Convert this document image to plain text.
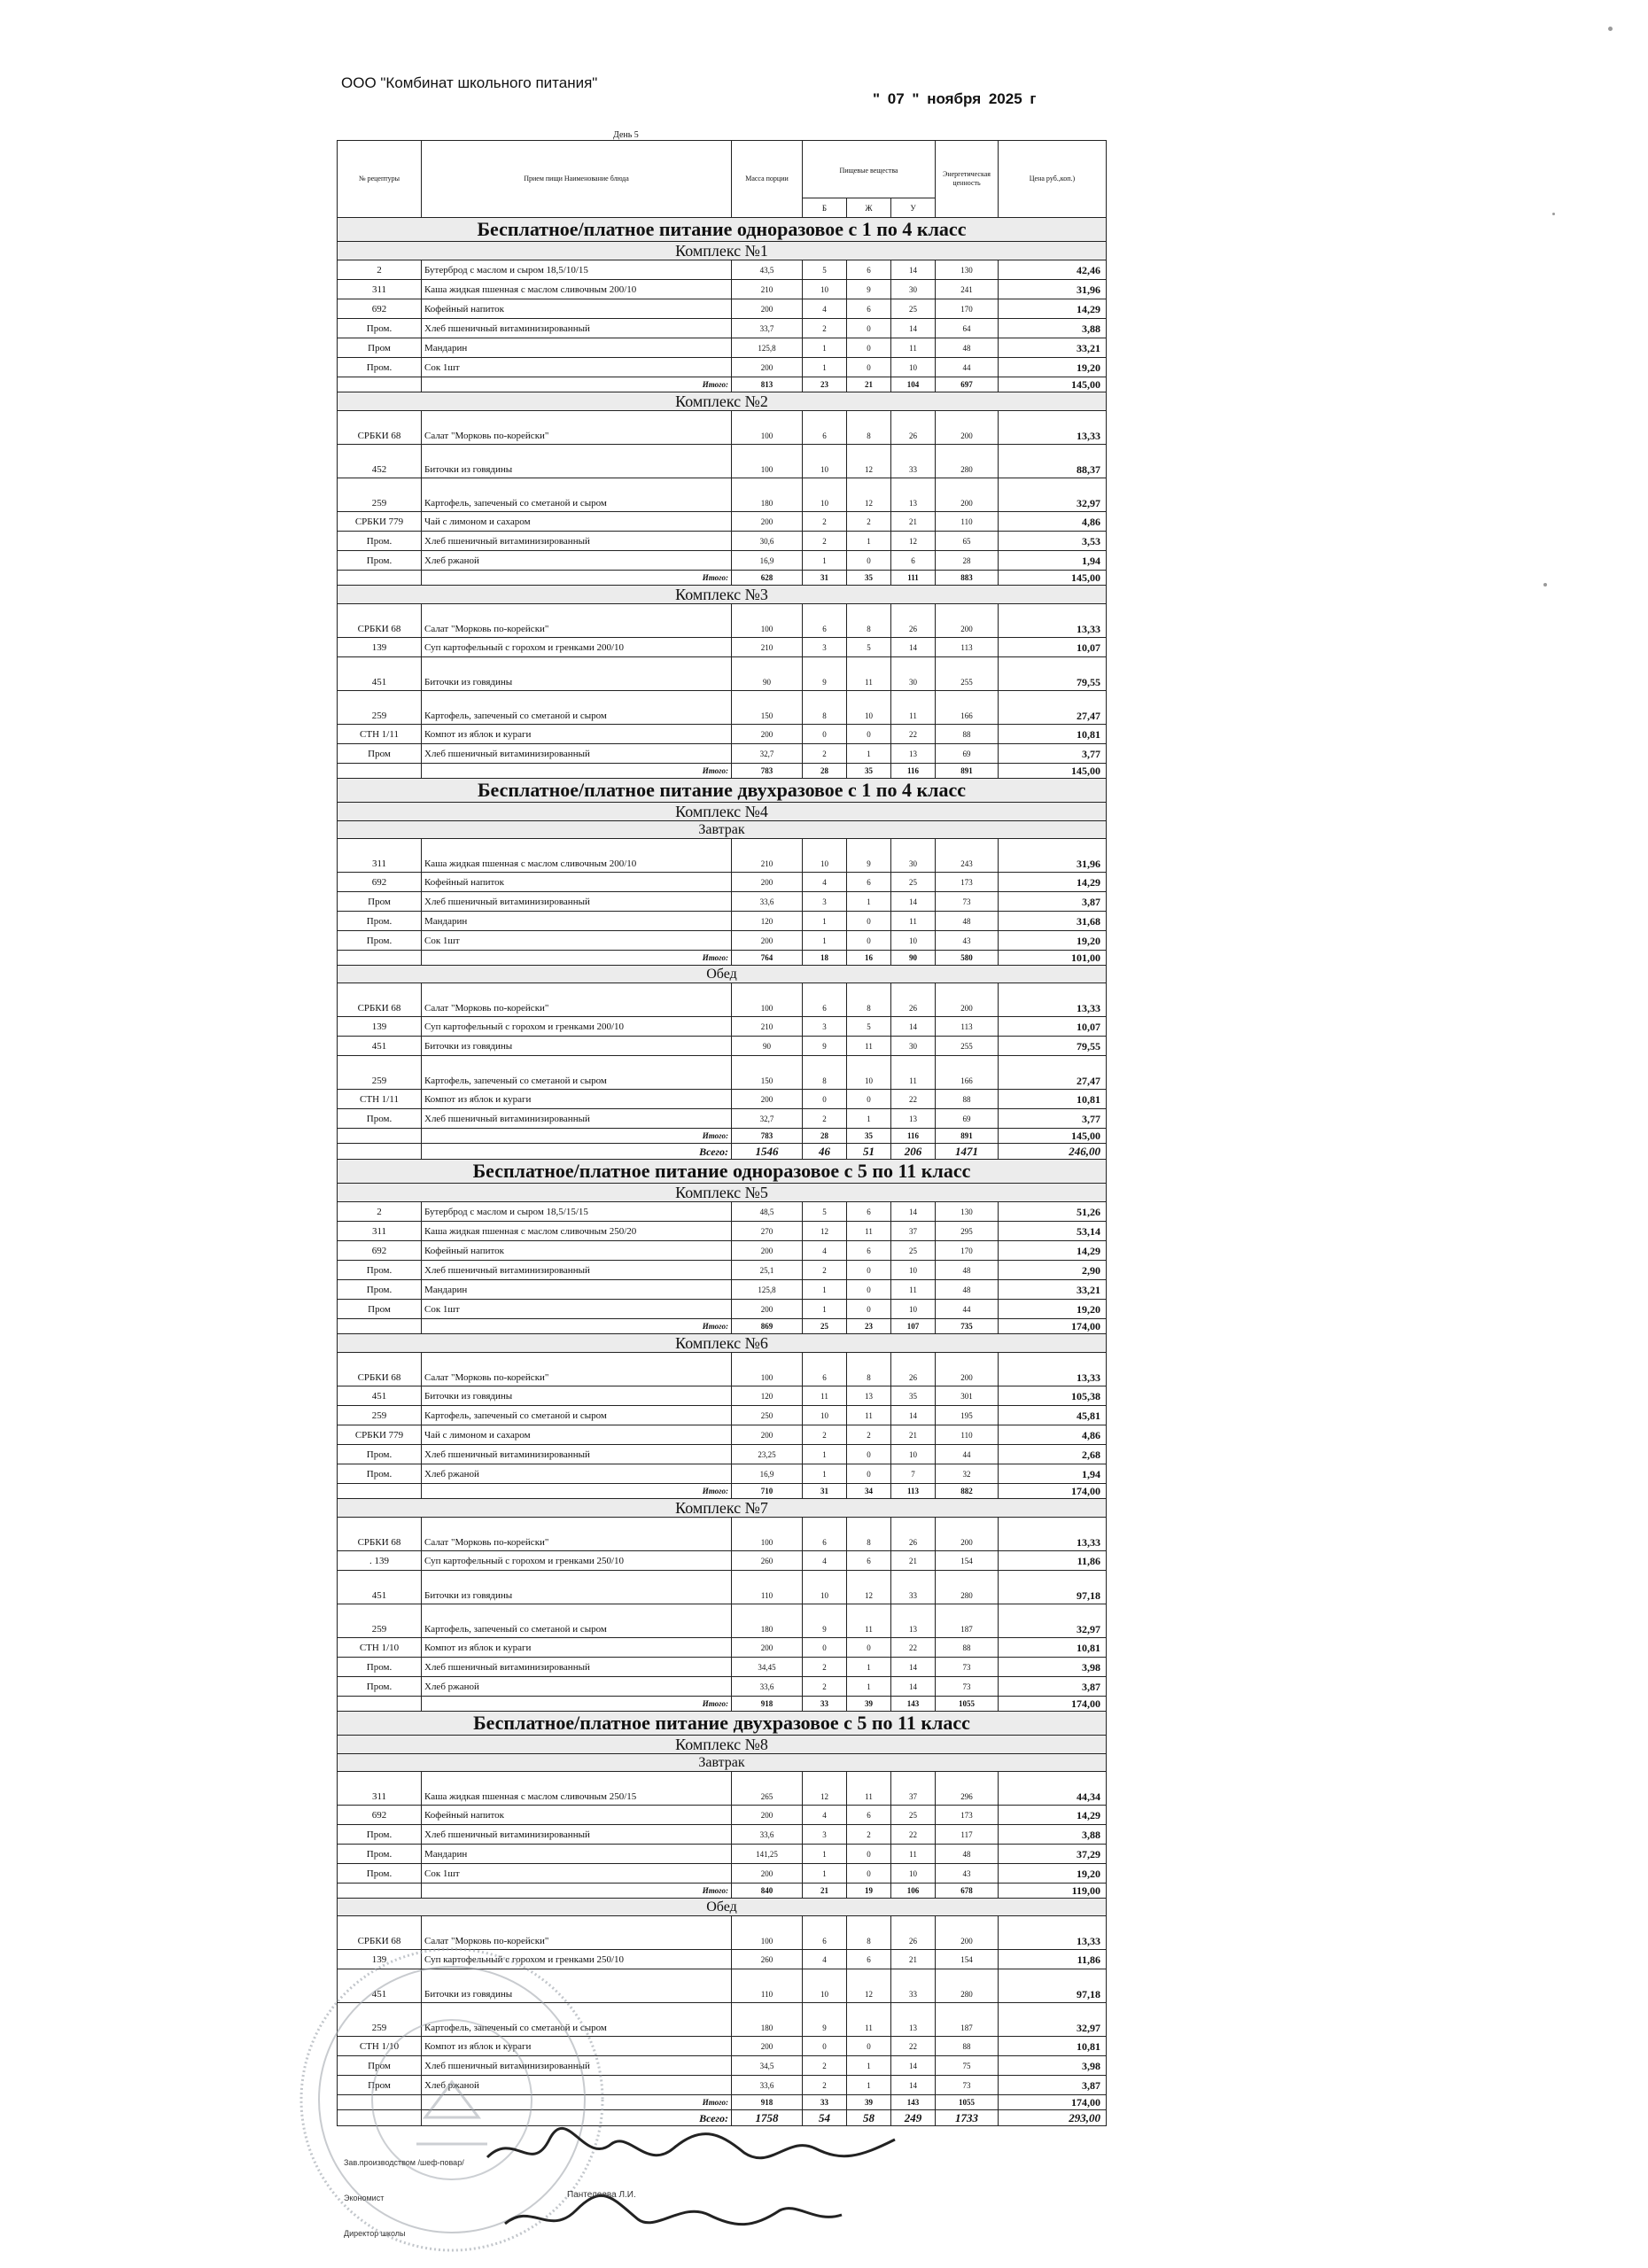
ООО "Комбинат школьного питания"
" 07 " ноября 2025 г
День 5
№ рецептуры	Прием пищи Наименование блюда	Масса порции	Пищевые вещества			Энергетическая ценность	Цена руб.,коп.)
			Б	Ж	У		
Бесплатное/платное питание одноразовое с 1 по 4 класс							
Комплекс №1							
2	Бутерброд с маслом и сыром 18,5/10/15	43,5	5	6	14	130	42,46
311	Каша жидкая пшенная с маслом сливочным 200/10	210	10	9	30	241	31,96
692	Кофейный напиток	200	4	6	25	170	14,29
Пром.	Хлеб пшеничный витаминизированный	33,7	2	0	14	64	3,88
Пром	Мандарин	125,8	1	0	11	48	33,21
Пром.	Сок 1шт	200	1	0	10	44	19,20
	Итого:	813	23	21	104	697	145,00
Комплекс №2							
СРБКИ 68	Салат "Морковь по-корейски"	100	6	8	26	200	13,33
452	Биточки из говядины	100	10	12	33	280	88,37
259	Картофель, запеченый со сметаной и сыром	180	10	12	13	200	32,97
СРБКИ 779	Чай с лимоном и сахаром	200	2	2	21	110	4,86
Пром.	Хлеб пшеничный витаминизированный	30,6	2	1	12	65	3,53
Пром.	Хлеб ржаной	16,9	1	0	6	28	1,94
	Итого:	628	31	35	111	883	145,00
Комплекс №3							
СРБКИ 68	Салат "Морковь по-корейски"	100	6	8	26	200	13,33
139	Суп картофельный с горохом и гренками 200/10	210	3	5	14	113	10,07
451	Биточки из говядины	90	9	11	30	255	79,55
259	Картофель, запеченый со сметаной и сыром	150	8	10	11	166	27,47
СТН 1/11	Компот из яблок и кураги	200	0	0	22	88	10,81
Пром	Хлеб пшеничный витаминизированный	32,7	2	1	13	69	3,77
	Итого:	783	28	35	116	891	145,00
Бесплатное/платное питание двухразовое с 1 по 4 класс							
Комплекс №4							
Завтрак							
311	Каша жидкая пшенная с маслом сливочным 200/10	210	10	9	30	243	31,96
692	Кофейный напиток	200	4	6	25	173	14,29
Пром	Хлеб пшеничный витаминизированный	33,6	3	1	14	73	3,87
Пром.	Мандарин	120	1	0	11	48	31,68
Пром.	Сок 1шт	200	1	0	10	43	19,20
	Итого:	764	18	16	90	580	101,00
Обед							
СРБКИ 68	Салат "Морковь по-корейски"	100	6	8	26	200	13,33
139	Суп картофельный с горохом и гренками 200/10	210	3	5	14	113	10,07
451	Биточки из говядины	90	9	11	30	255	79,55
259	Картофель, запеченый со сметаной и сыром	150	8	10	11	166	27,47
СТН 1/11	Компот из яблок и кураги	200	0	0	22	88	10,81
Пром.	Хлеб пшеничный витаминизированный	32,7	2	1	13	69	3,77
	Итого:	783	28	35	116	891	145,00
	Всего:	1546	46	51	206	1471	246,00
Бесплатное/платное питание одноразовое с 5 по 11 класс							
Комплекс №5							
2	Бутерброд с маслом и сыром 18,5/15/15	48,5	5	6	14	130	51,26
311	Каша жидкая пшенная с маслом сливочным 250/20	270	12	11	37	295	53,14
692	Кофейный напиток	200	4	6	25	170	14,29
Пром.	Хлеб пшеничный витаминизированный	25,1	2	0	10	48	2,90
Пром.	Мандарин	125,8	1	0	11	48	33,21
Пром	Сок 1шт	200	1	0	10	44	19,20
	Итого:	869	25	23	107	735	174,00
Комплекс №6							
СРБКИ 68	Салат "Морковь по-корейски"	100	6	8	26	200	13,33
451	Биточки из говядины	120	11	13	35	301	105,38
259	Картофель, запеченый со сметаной и сыром	250	10	11	14	195	45,81
СРБКИ 779	Чай с лимоном и сахаром	200	2	2	21	110	4,86
Пром.	Хлеб пшеничный витаминизированный	23,25	1	0	10	44	2,68
Пром.	Хлеб ржаной	16,9	1	0	7	32	1,94
	Итого:	710	31	34	113	882	174,00
Комплекс №7							
СРБКИ 68	Салат "Морковь по-корейски"	100	6	8	26	200	13,33
. 139	Суп картофельный с горохом и гренками 250/10	260	4	6	21	154	11,86
451	Биточки из говядины	110	10	12	33	280	97,18
259	Картофель, запеченый со сметаной и сыром	180	9	11	13	187	32,97
СТН 1/10	Компот из яблок и кураги	200	0	0	22	88	10,81
Пром.	Хлеб пшеничный витаминизированный	34,45	2	1	14	73	3,98
Пром.	Хлеб ржаной	33,6	2	1	14	73	3,87
	Итого:	918	33	39	143	1055	174,00
Бесплатное/платное питание двухразовое с 5 по 11 класс							
Комплекс №8							
Завтрак							
311	Каша жидкая пшенная с маслом сливочным 250/15	265	12	11	37	296	44,34
692	Кофейный напиток	200	4	6	25	173	14,29
Пром.	Хлеб пшеничный витаминизированный	33,6	3	2	22	117	3,88
Пром.	Мандарин	141,25	1	0	11	48	37,29
Пром.	Сок 1шт	200	1	0	10	43	19,20
	Итого:	840	21	19	106	678	119,00
Обед							
СРБКИ 68	Салат "Морковь по-корейски"	100	6	8	26	200	13,33
139	Суп картофельный с горохом и гренками 250/10	260	4	6	21	154	11,86
451	Биточки из говядины	110	10	12	33	280	97,18
259	Картофель, запеченый со сметаной и сыром	180	9	11	13	187	32,97
СТН 1/10	Компот из яблок и кураги	200	0	0	22	88	10,81
Пром	Хлеб пшеничный витаминизированный	34,5	2	1	14	75	3,98
Пром	Хлеб ржаной	33,6	2	1	14	73	3,87
	Итого:	918	33	39	143	1055	174,00
	Всего:	1758	54	58	249	1733	293,00
Зав.производством /шеф-повар/
Экономист
Директор школы
Пантелеева Л.И.
